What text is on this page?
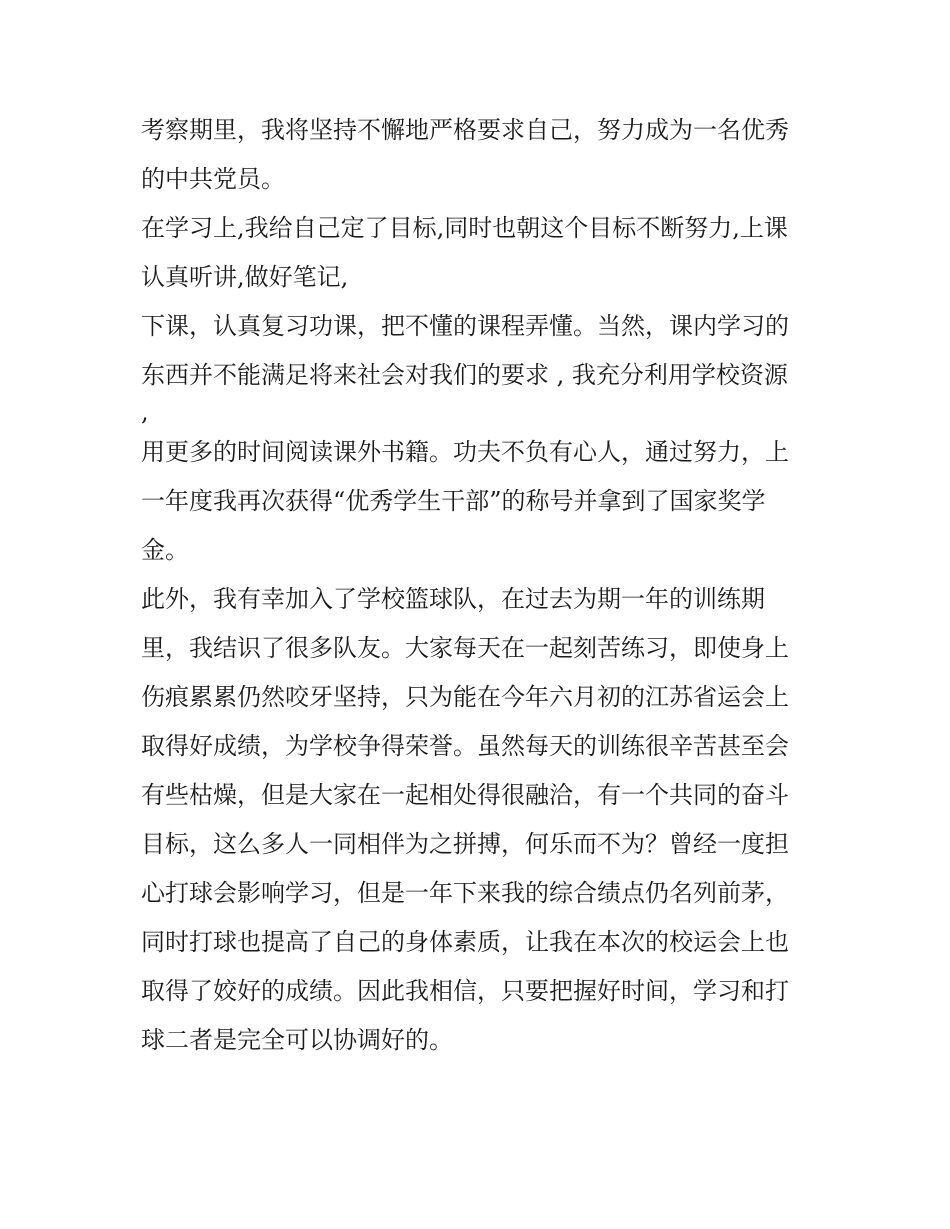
考察期里，我将坚持不懈地严格要求自己，努力成为一名优秀
的中共党员。
在学习上,我给自己定了目标,同时也朝这个目标不断努力,上课
认真听讲,做好笔记,
下课，认真复习功课，把不懂的课程弄懂。当然，课内学习的
东西并不能满足将来社会对我们的要求 , 我充分利用学校资源
,
用更多的时间阅读课外书籍。功夫不负有心人，通过努力，上
一年度我再次获得“优秀学生干部”的称号并拿到了国家奖学
金。
此外，我有幸加入了学校篮球队，在过去为期一年的训练期
里，我结识了很多队友。大家每天在一起刻苦练习，即使身上
伤痕累累仍然咬牙坚持，只为能在今年六月初的江苏省运会上
取得好成绩，为学校争得荣誉。虽然每天的训练很辛苦甚至会
有些枯燥，但是大家在一起相处得很融洽，有一个共同的奋斗
目标，这么多人一同相伴为之拼搏，何乐而不为？曾经一度担
心打球会影响学习，但是一年下来我的综合绩点仍名列前茅，
同时打球也提高了自己的身体素质，让我在本次的校运会上也
取得了姣好的成绩。因此我相信，只要把握好时间，学习和打
球二者是完全可以协调好的。
